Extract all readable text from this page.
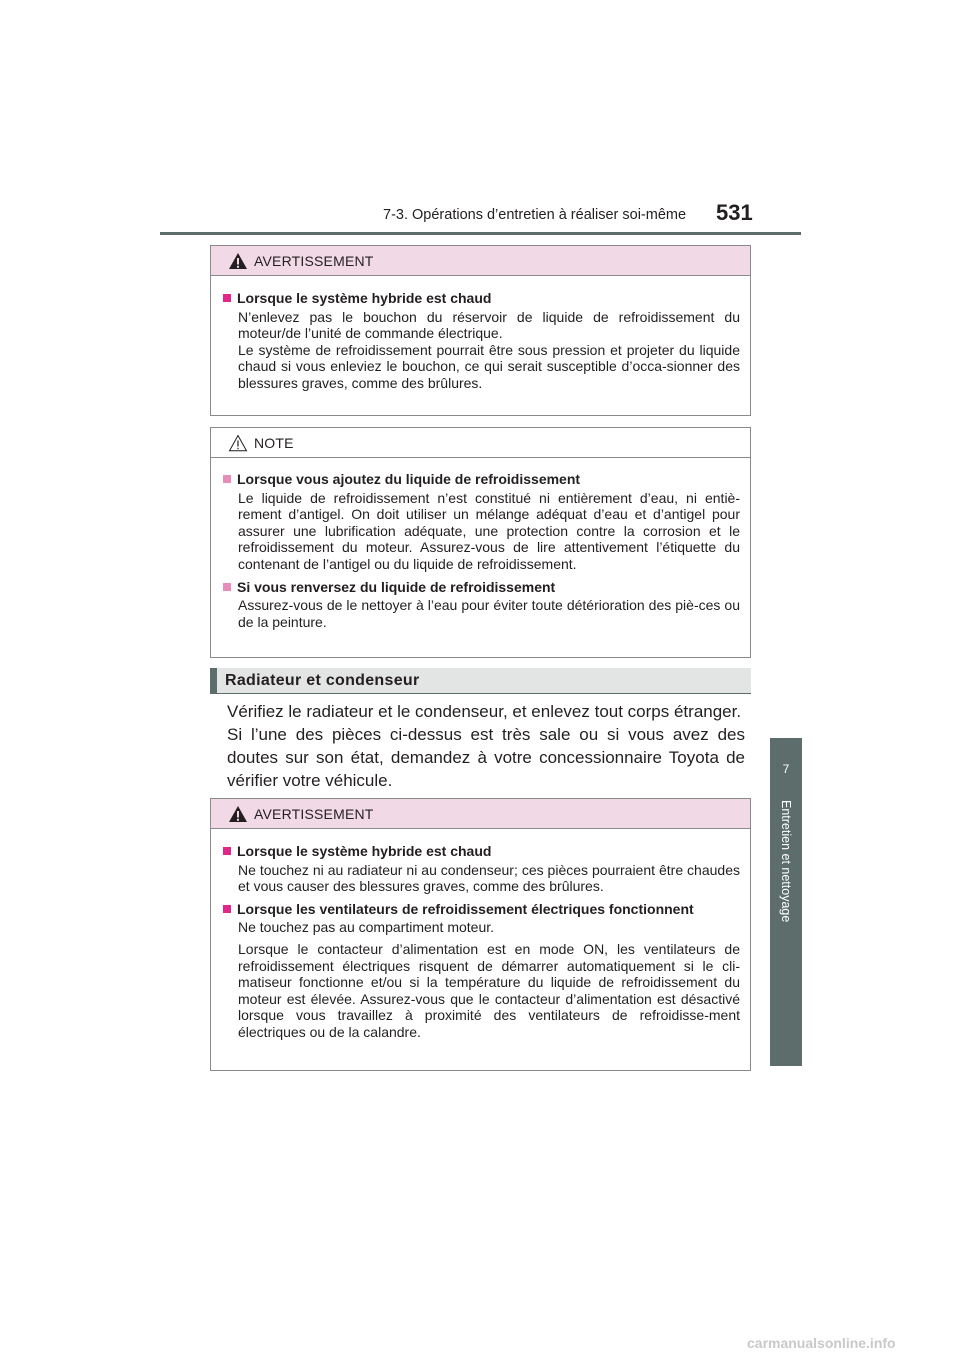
7-3. Opérations d’entretien à réaliser soi-même 531
7
Entretien et nettoyage
AVERTISSEMENT
Lorsque le système hybride est chaud

N’enlevez pas le bouchon du réservoir de liquide de refroidissement du moteur/de l’unité de commande électrique.

Le système de refroidissement pourrait être sous pression et projeter du liquide chaud si vous enleviez le bouchon, ce qui serait susceptible d’occa-sionner des blessures graves, comme des brûlures.

NOTE
Lorsque vous ajoutez du liquide de refroidissement

Le liquide de refroidissement n’est constitué ni entièrement d’eau, ni entiè-rement d’antigel. On doit utiliser un mélange adéquat d’eau et d’antigel pour assurer une lubrification adéquate, une protection contre la corrosion et le refroidissement du moteur. Assurez-vous de lire attentivement l’étiquette du contenant de l’antigel ou du liquide de refroidissement.

Si vous renversez du liquide de refroidissement

Assurez-vous de le nettoyer à l’eau pour éviter toute détérioration des piè-ces ou de la peinture.

Radiateur et condenseur

Vérifiez le radiateur et le condenseur, et enlevez tout corps étranger.

Si l’une des pièces ci-dessus est très sale ou si vous avez des doutes sur son état, demandez à votre concessionnaire Toyota de vérifier votre véhicule.

AVERTISSEMENT
Lorsque le système hybride est chaud

Ne touchez ni au radiateur ni au condenseur; ces pièces pourraient être chaudes et vous causer des blessures graves, comme des brûlures.

Lorsque les ventilateurs de refroidissement électriques fonctionnent

Ne touchez pas au compartiment moteur.

Lorsque le contacteur d’alimentation est en mode ON, les ventilateurs de refroidissement électriques risquent de démarrer automatiquement si le cli-matiseur fonctionne et/ou si la température du liquide de refroidissement du moteur est élevée. Assurez-vous que le contacteur d’alimentation est désactivé lorsque vous travaillez à proximité des ventilateurs de refroidisse-ment électriques ou de la calandre.

carmanualsonline.info
